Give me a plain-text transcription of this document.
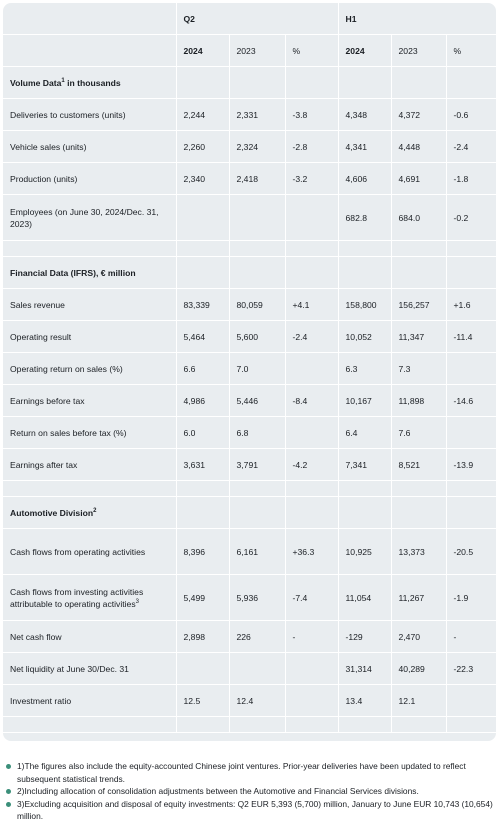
	Q2			H1		
	2024	2023	%	2024	2023	%
Volume Data$^1$ in thousands						
Deliveries to customers (units)	2,244	2,331	-3.8	4,348	4,372	-0.6
Vehicle sales (units)	2,260	2,324	-2.8	4,341	4,448	-2.4
Production (units)	2,340	2,418	-3.2	4,606	4,691	-1.8
Employees (on June 30, 2024/Dec. 31, 2023)				682.8	684.0	-0.2

Financial Data (IFRS), € million						
Sales revenue	83,339	80,059	+4.1	158,800	156,257	+1.6
Operating result	5,464	5,600	-2.4	10,052	11,347	-11.4
Operating return on sales (%)	6.6	7.0		6.3	7.3	
Earnings before tax	4,986	5,446	-8.4	10,167	11,898	-14.6
Return on sales before tax (%)	6.0	6.8		6.4	7.6	
Earnings after tax	3,631	3,791	-4.2	7,341	8,521	-13.9

Automotive Division$^2$						
Cash flows from operating activities	8,396	6,161	+36.3	10,925	13,373	-20.5
Cash flows from investing activities attributable to operating activities$^3$	5,499	5,936	-7.4	11,054	11,267	-1.9
Net cash flow	2,898	226	-	-129	2,470	-
Net liquidity at June 30/Dec. 31				31,314	40,289	-22.3
Investment ratio	12.5	12.4		13.4	12.1	

1)The figures also include the equity-accounted Chinese joint ventures. Prior-year deliveries have been updated to reflect subsequent statistical trends.
2)Including allocation of consolidation adjustments between the Automotive and Financial Services divisions.
3)Excluding acquisition and disposal of equity investments: Q2 EUR 5,393 (5,700) million, January to June EUR 10,743 (10,654) million.
